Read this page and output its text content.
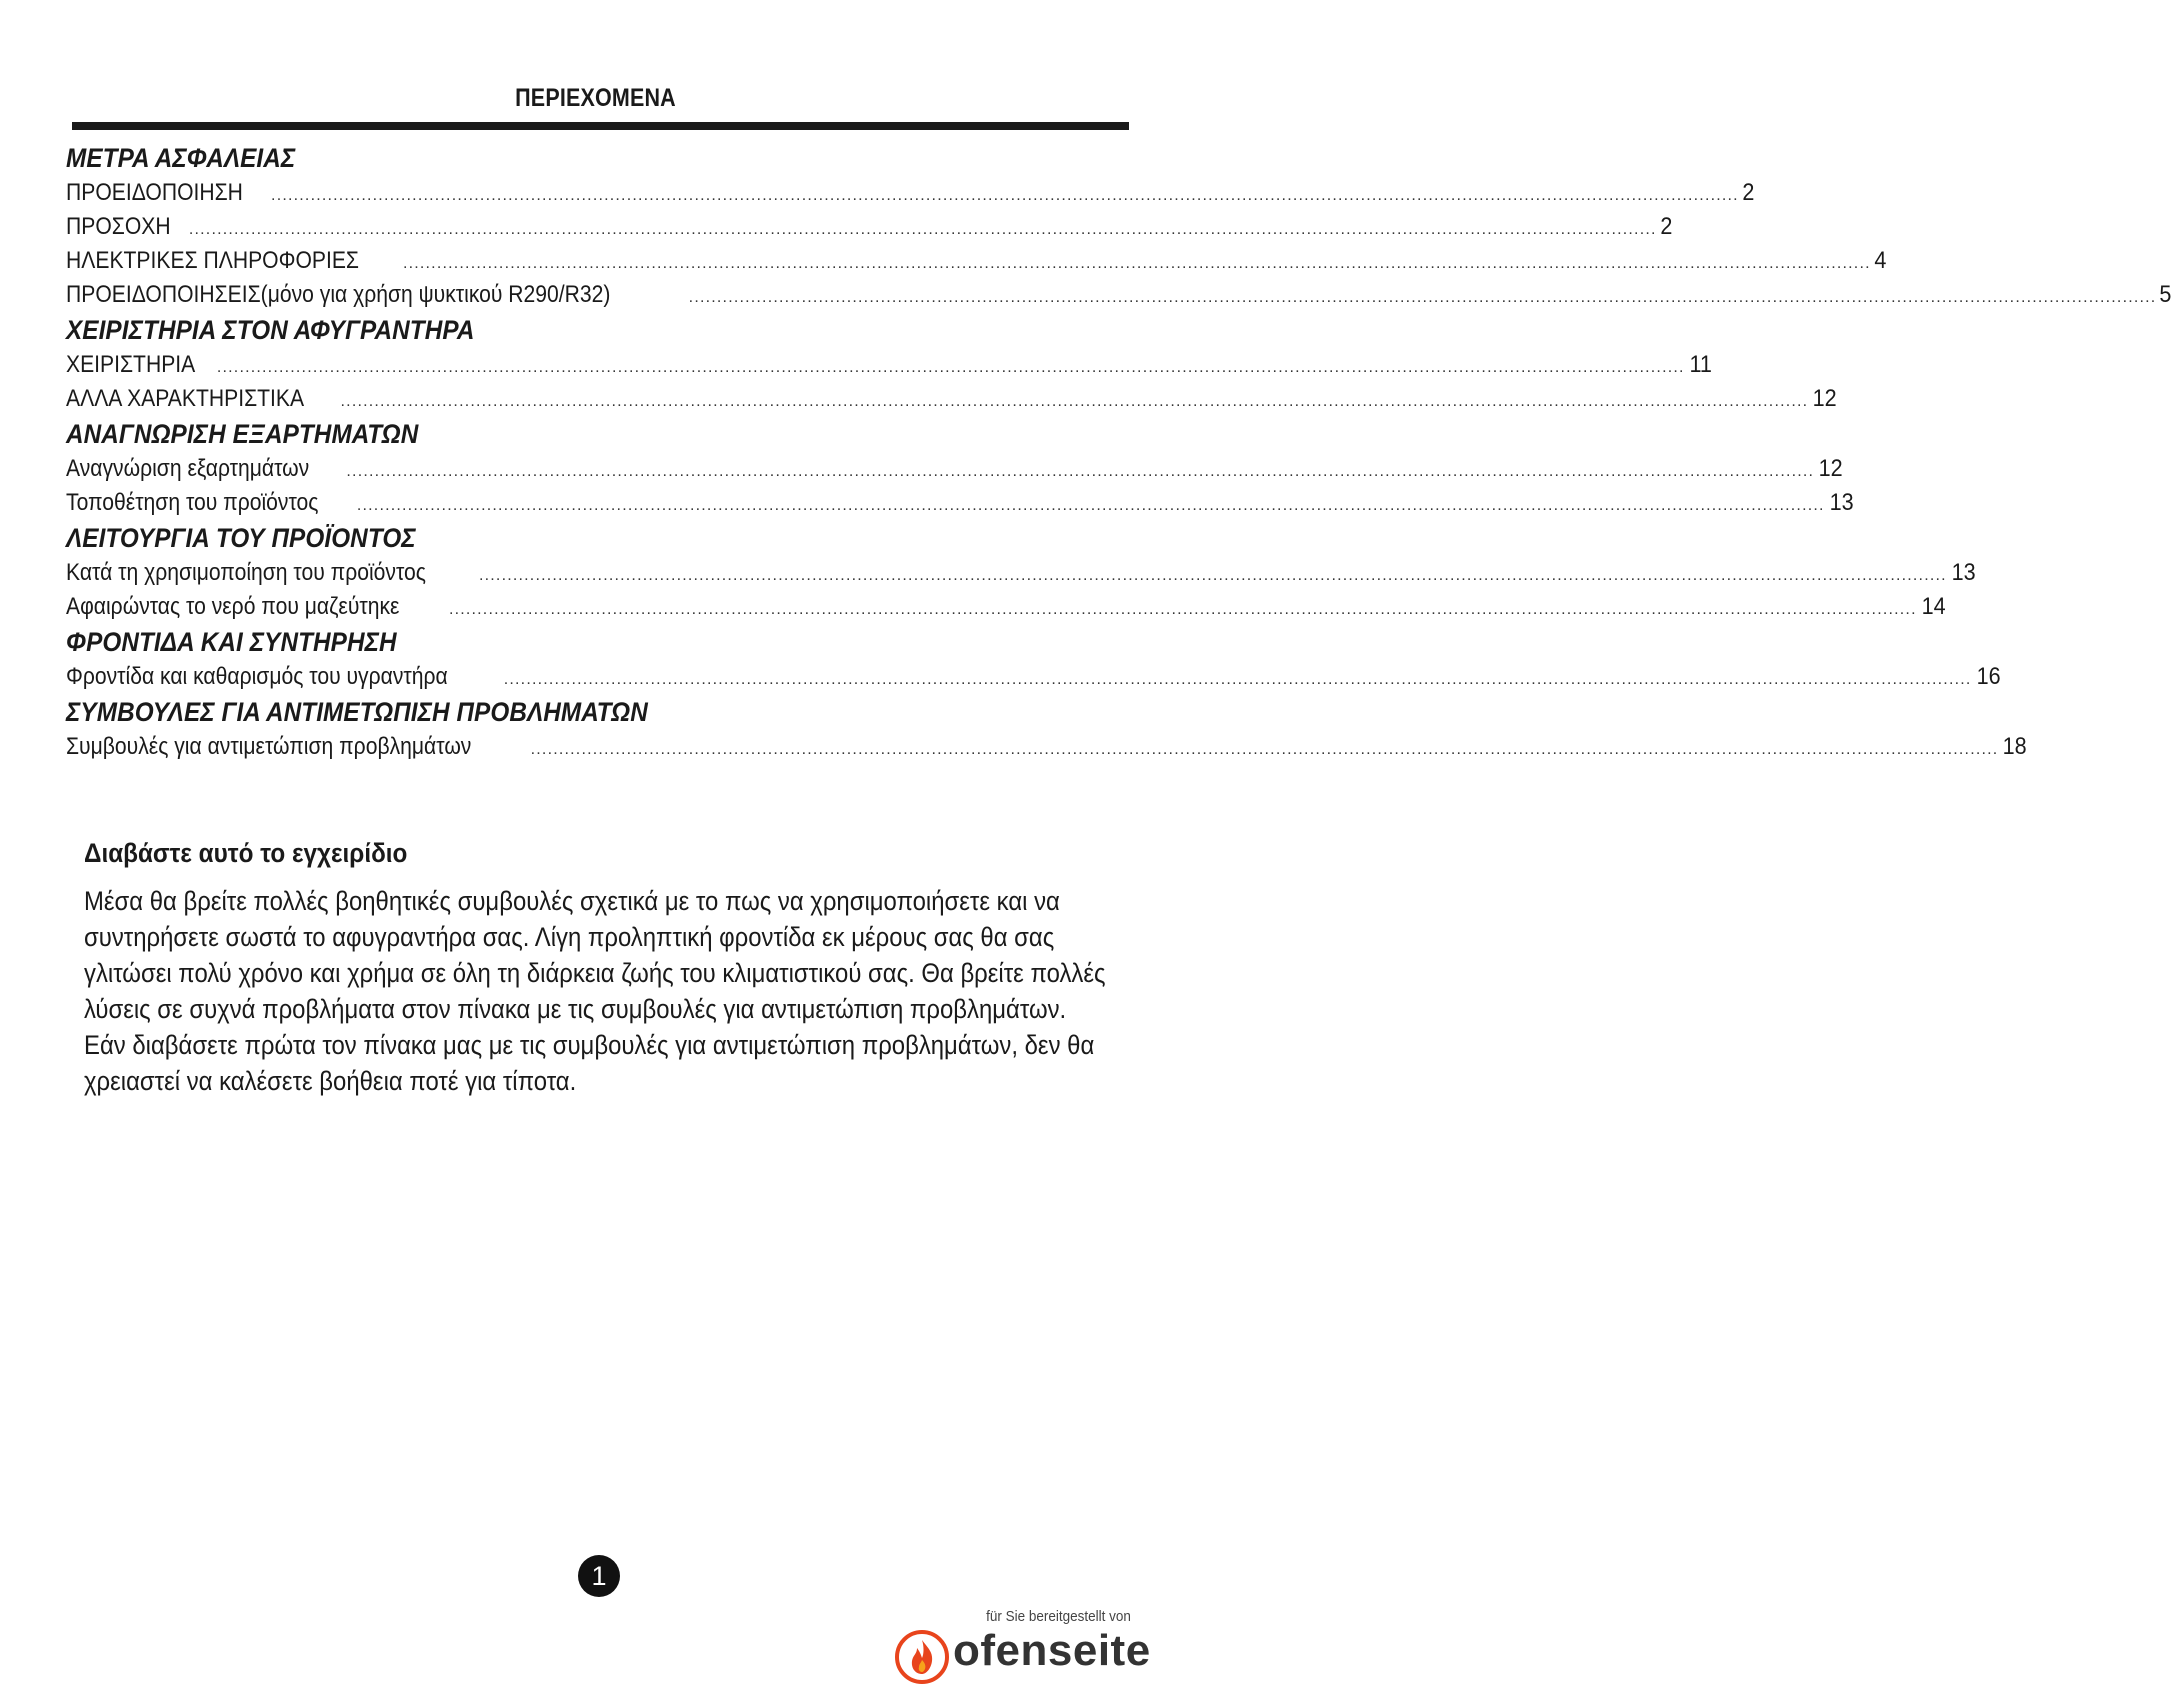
ΠΕΡΙΕΧΟΜΕΝΑ
ΜΕΤΡΑ ΑΣΦΑΛΕΙΑΣ
ΠΡΟΕΙΔΟΠΟΙΗΣΗ .................................................................................................................................................................................................................................................................... 2
ΠΡΟΣΟΧΗ .................................................................................................................................................................................................................................................................... 2
ΗΛΕΚΤΡΙΚΕΣ ΠΛΗΡΟΦΟΡΙΕΣ	.................................................................................................................................................................................................................................................................... 4
ΠΡΟΕΙΔΟΠΟΙΗΣΕΙΣ(μόνο για χρήση ψυκτικού R290/R32)	.................................................................................................................................................................................................................................................................... 5
ΧΕΙΡΙΣΤΗΡΙΑ ΣΤΟΝ ΑΦΥΓΡΑΝΤΗΡΑ
ΧΕΙΡΙΣΤΗΡΙΑ .................................................................................................................................................................................................................................................................... 11
ΑΛΛΑ ΧΑΡΑΚΤΗΡΙΣΤΙΚΑ .................................................................................................................................................................................................................................................................... 12
ΑΝΑΓΝΩΡΙΣΗ ΕΞΑΡΤΗΜΑΤΩΝ
Αναγνώριση εξαρτημάτων .................................................................................................................................................................................................................................................................... 12
Τοποθέτηση του προϊόντος .................................................................................................................................................................................................................................................................... 13
ΛΕΙΤΟΥΡΓΙΑ ΤΟΥ ΠΡΟΪΟΝΤΟΣ
Κατά τη χρησιμοποίηση του προϊόντος	.................................................................................................................................................................................................................................................................... 13
Αφαιρώντας το νερό που μαζεύτηκε	.................................................................................................................................................................................................................................................................... 14
ΦΡΟΝΤΙΔΑ ΚΑΙ ΣΥΝΤΗΡΗΣΗ
Φροντίδα και καθαρισμός του υγραντήρα	.................................................................................................................................................................................................................................................................... 16
ΣΥΜΒΟΥΛΕΣ ΓΙΑ ΑΝΤΙΜΕΤΩΠΙΣΗ ΠΡΟΒΛΗΜΑΤΩΝ
Συμβουλές για αντιμετώπιση προβλημάτων	.................................................................................................................................................................................................................................................................... 18
Διαβάστε αυτό το εγχειρίδιο
Μέσα θα βρείτε πολλές βοηθητικές συμβουλές σχετικά με το πως να χρησιμοποιήσετε και να συντηρήσετε σωστά το αφυγραντήρα σας. Λίγη προληπτική φροντίδα εκ μέρους σας θα σας γλιτώσει πολύ χρόνο και χρήμα σε όλη τη διάρκεια ζωής του κλιματιστικού σας. Θα βρείτε πολλές λύσεις σε συχνά προβλήματα στον πίνακα με τις συμβουλές για αντιμετώπιση προβλημάτων. Εάν διαβάσετε πρώτα τον πίνακα μας με τις συμβουλές για αντιμετώπιση προβλημάτων, δεν θα χρειαστεί να καλέσετε βοήθεια ποτέ για τίποτα.
1
für Sie bereitgestellt von
ofenseite
